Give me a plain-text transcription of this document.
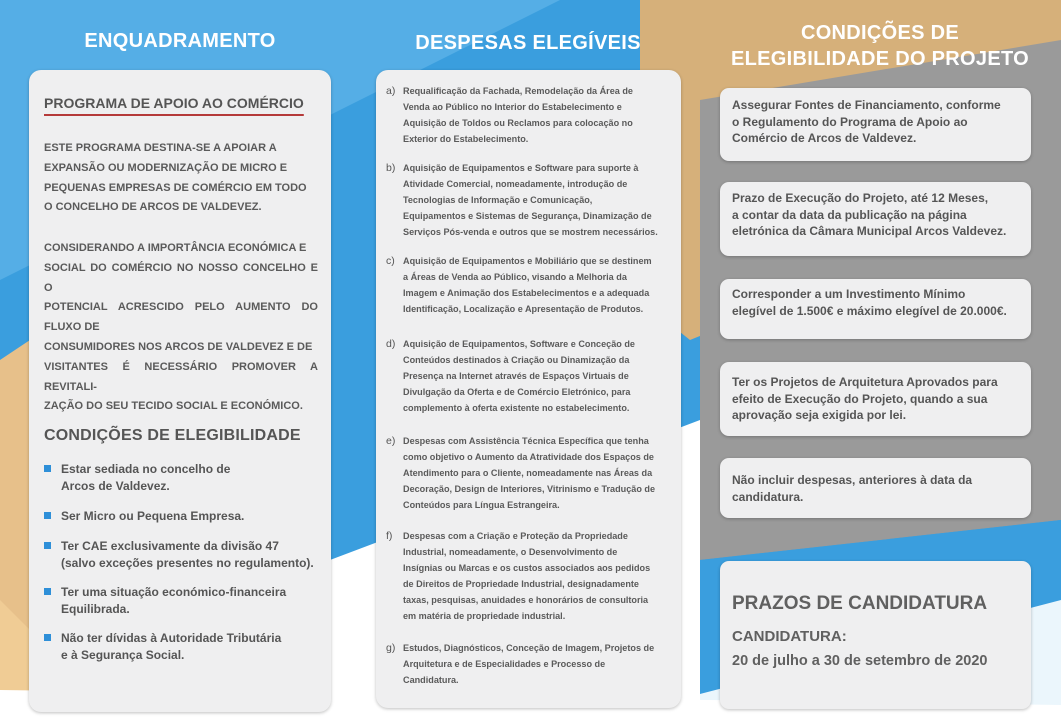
ENQUADRAMENTO	DESPESAS ELEGÍVEIS	CONDIÇÕES DE
ELEGIBILIDADE DO PROJETO
PROGRAMA DE APOIO AO COMÉRCIO
ESTE PROGRAMA DESTINA-SE A APOIAR A
EXPANSÃO OU MODERNIZAÇÃO DE MICRO E
PEQUENAS EMPRESAS DE COMÉRCIO EM TODO
O CONCELHO DE ARCOS DE VALDEVEZ.
CONSIDERANDO A IMPORTÂNCIA ECONÓMICA E
SOCIAL DO COMÉRCIO NO NOSSO CONCELHO E O
POTENCIAL ACRESCIDO PELO AUMENTO DO FLUXO DE
CONSUMIDORES NOS ARCOS DE VALDEVEZ E DE
VISITANTES É NECESSÁRIO PROMOVER A REVITALI-
ZAÇÃO DO SEU TECIDO SOCIAL E ECONÓMICO.
CONDIÇÕES DE ELEGIBILIDADE
Estar sediada no concelho de
Arcos de Valdevez.
Ser Micro ou Pequena Empresa.
Ter CAE exclusivamente da divisão 47
(salvo exceções presentes no regulamento).
Ter uma situação económico-financeira
Equilibrada.
Não ter dívidas à Autoridade Tributária
e à Segurança Social.
a) Requalificação da Fachada, Remodelação da Área de
Venda ao Público no Interior do Estabelecimento e
Aquisição de Toldos ou Reclamos para colocação no
Exterior do Estabelecimento.
b) Aquisição de Equipamentos e Software para suporte à
Atividade Comercial, nomeadamente, introdução de
Tecnologias de Informação e Comunicação,
Equipamentos e Sistemas de Segurança, Dinamização de
Serviços Pós-venda e outros que se mostrem necessários.
c) Aquisição de Equipamentos e Mobiliário que se destinem
a Áreas de Venda ao Público, visando a Melhoria da
Imagem e Animação dos Estabelecimentos e a adequada
Identificação, Localização e Apresentação de Produtos.
d) Aquisição de Equipamentos, Software e Conceção de
Conteúdos destinados à Criação ou Dinamização da
Presença na Internet através de Espaços Virtuais de
Divulgação da Oferta e de Comércio Eletrónico, para
complemento à oferta existente no estabelecimento.
e) Despesas com Assistência Técnica Específica que tenha
como objetivo o Aumento da Atratividade dos Espaços de
Atendimento para o Cliente, nomeadamente nas Áreas da
Decoração, Design de Interiores, Vitrinismo e Tradução de
Conteúdos para Língua Estrangeira.
f) Despesas com a Criação e Proteção da Propriedade
Industrial, nomeadamente, o Desenvolvimento de
Insígnias ou Marcas e os custos associados aos pedidos
de Direitos de Propriedade Industrial, designadamente
taxas, pesquisas, anuidades e honorários de consultoria
em matéria de propriedade industrial.
g) Estudos, Diagnósticos, Conceção de Imagem, Projetos de
Arquitetura e de Especialidades e Processo de
Candidatura.
Assegurar Fontes de Financiamento, conforme
o Regulamento do Programa de Apoio ao
Comércio de Arcos de Valdevez.
Prazo de Execução do Projeto, até 12 Meses,
a contar da data da publicação na página
eletrónica da Câmara Municipal Arcos Valdevez.
Corresponder a um Investimento Mínimo
elegível de 1.500€ e máximo elegível de 20.000€.
Ter os Projetos de Arquitetura Aprovados para
efeito de Execução do Projeto, quando a sua
aprovação seja exigida por lei.
Não incluir despesas, anteriores à data da
candidatura.
PRAZOS DE CANDIDATURA
CANDIDATURA:
20 de julho a 30 de setembro de 2020
